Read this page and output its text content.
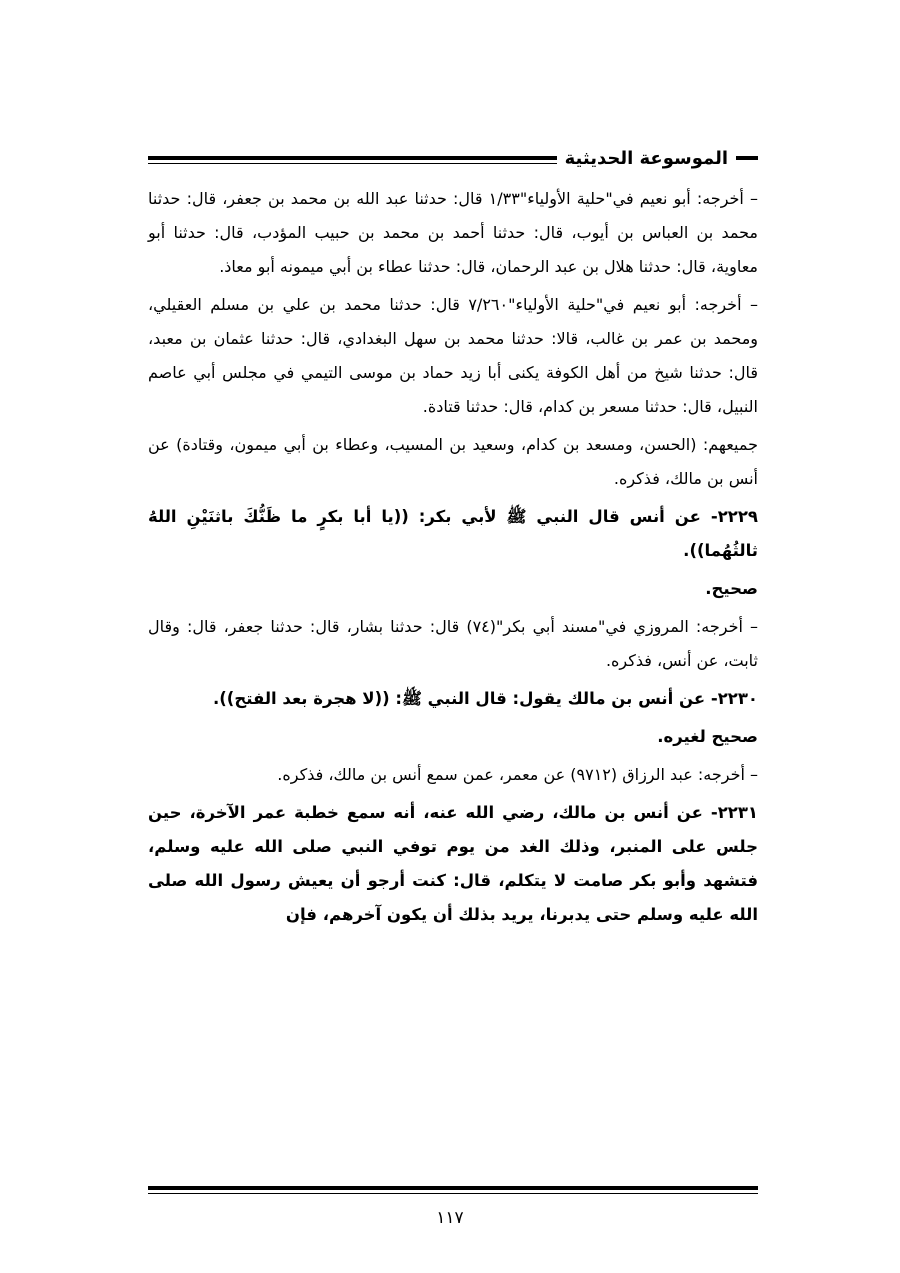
الموسوعة الحديثية
– أخرجه: أبو نعيم في"حلية الأولياء"١/٣٣ قال: حدثنا عبد الله بن محمد بن جعفر، قال: حدثنا محمد بن العباس بن أيوب، قال: حدثنا أحمد بن محمد بن حبيب المؤدب، قال: حدثنا أبو معاوية، قال: حدثنا هلال بن عبد الرحمان، قال: حدثنا عطاء بن أبي ميمونه أبو معاذ.
– أخرجه: أبو نعيم في"حلية الأولياء"٧/٢٦٠ قال: حدثنا محمد بن علي بن مسلم العقيلي، ومحمد بن عمر بن غالب، قالا: حدثنا محمد بن سهل البغدادي، قال: حدثنا عثمان بن معبد، قال: حدثنا شيخ من أهل الكوفة يكنى أبا زيد حماد بن موسى التيمي في مجلس أبي عاصم النبيل، قال: حدثنا مسعر بن كدام، قال: حدثنا قتادة.
جميعهم: (الحسن، ومسعد بن كدام، وسعيد بن المسيب، وعطاء بن أبي ميمون، وقتادة) عن أنس بن مالك، فذكره.
٢٢٢٩- عن أنس قال النبي ﷺ لأبي بكر: ((يا أبا بكرٍ ما ظَنُّكَ باثنَيْنِ اللهُ ثالثُهُما)).
صحيح.
– أخرجه: المروزي في"مسند أبي بكر"(٧٤) قال: حدثنا بشار، قال: حدثنا جعفر، قال: وقال ثابت، عن أنس، فذكره.
٢٢٣٠- عن أنس بن مالك يقول: قال النبي ﷺ: ((لا هجرة بعد الفتح)).
صحيح لغيره.
– أخرجه: عبد الرزاق (٩٧١٢) عن معمر، عمن سمع أنس بن مالك، فذكره.
٢٢٣١- عن أنس بن مالك، رضي الله عنه، أنه سمع خطبة عمر الآخرة، حين جلس على المنبر، وذلك الغد من يوم توفي النبي صلى الله عليه وسلم، فتشهد وأبو بكر صامت لا يتكلم، قال: كنت أرجو أن يعيش رسول الله صلى الله عليه وسلم حتى يدبرنا، يريد بذلك أن يكون آخرهم، فإن
١١٧
